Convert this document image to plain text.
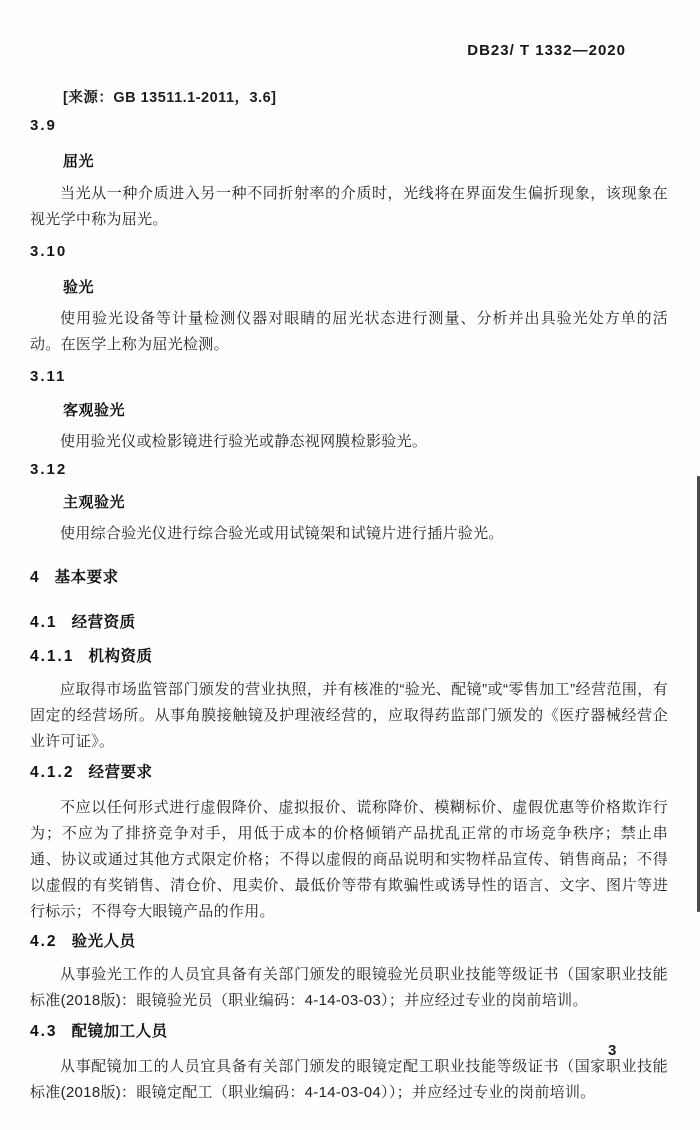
DB23/ T 1332—2020
[来源：GB 13511.1-2011，3.6]
3.9
屈光

当光从一种介质进入另一种不同折射率的介质时，光线将在界面发生偏折现象，该现象在视光学中称为屈光。

3.10
验光

使用验光设备等计量检测仪器对眼睛的屈光状态进行测量、分析并出具验光处方单的活动。在医学上称为屈光检测。

3.11
客观验光

使用验光仪或检影镜进行验光或静态视网膜检影验光。

3.12
主观验光

使用综合验光仪进行综合验光或用试镜架和试镜片进行插片验光。

4 基本要求
4.1 经营资质
4.1.1 机构资质

应取得市场监管部门颁发的营业执照，并有核准的“验光、配镜”或“零售加工”经营范围，有固定的经营场所。从事角膜接触镜及护理液经营的，应取得药监部门颁发的《医疗器械经营企业许可证》。

4.1.2 经营要求

不应以任何形式进行虚假降价、虚拟报价、谎称降价、模糊标价、虚假优惠等价格欺诈行为；不应为了排挤竞争对手，用低于成本的价格倾销产品扰乱正常的市场竞争秩序；禁止串通、协议或通过其他方式限定价格；不得以虚假的商品说明和实物样品宣传、销售商品；不得以虚假的有奖销售、清仓价、甩卖价、最低价等带有欺骗性或诱导性的语言、文字、图片等进行标示；不得夸大眼镜产品的作用。

4.2 验光人员

从事验光工作的人员宜具备有关部门颁发的眼镜验光员职业技能等级证书（国家职业技能标准(2018版)：眼镜验光员（职业编码：4-14-03-03）；并应经过专业的岗前培训。

4.3 配镜加工人员

从事配镜加工的人员宜具备有关部门颁发的眼镜定配工职业技能等级证书（国家职业技能标准(2018版)：眼镜定配工（职业编码：4-14-03-04））；并应经过专业的岗前培训。

3
